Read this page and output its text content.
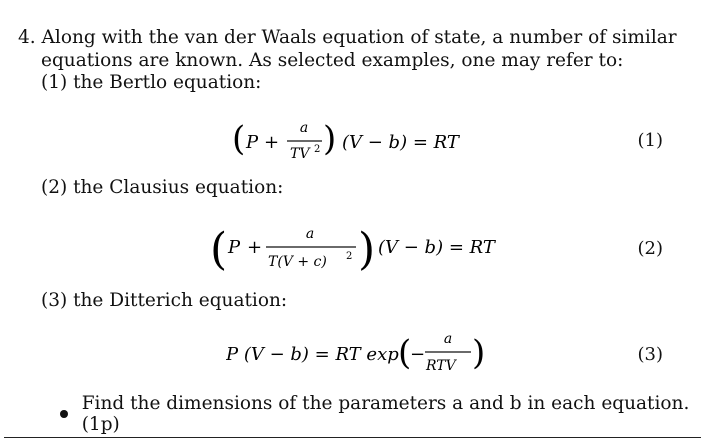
4. Along with the van der Waals equation of state, a number of similar
equations are known. As selected examples, one may refer to:
(1) the Bertlo equation:
( P +
a
TV 2 ) (V − b) = RT	(1)
(2) the Clausius equation:
( P +
a
T(V + c) 2 ) (V − b) = RT	(2)
(3) the Ditterich equation:
P (V − b) = RT exp (
−
a
RTV )	(3)
Find the dimensions of the parameters a and b in each equation. (1p)
